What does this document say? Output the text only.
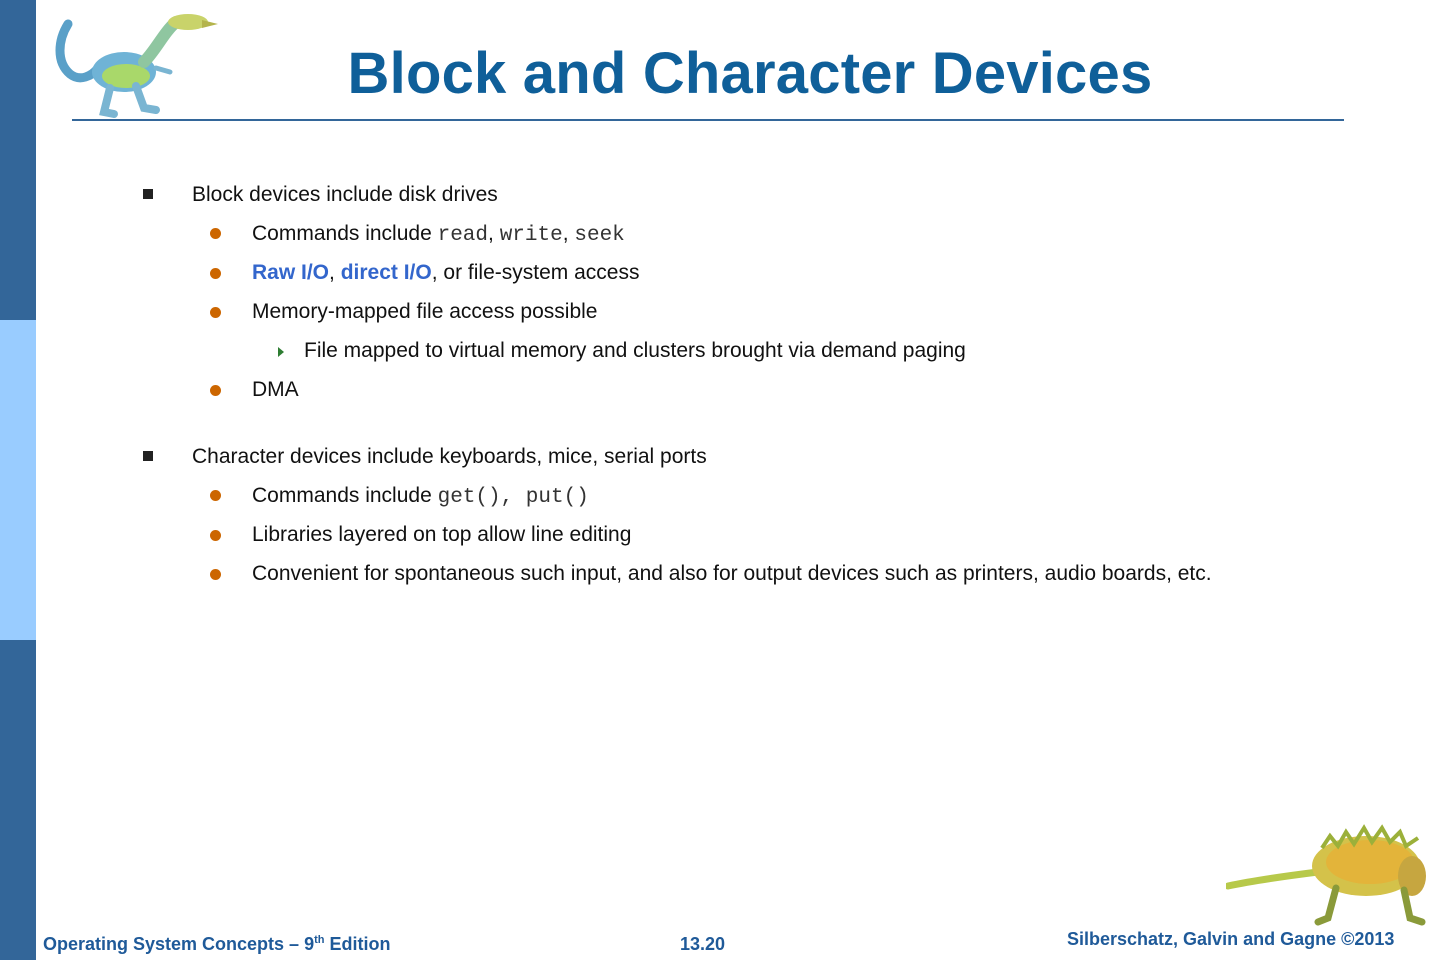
Block and Character Devices
Block devices include disk drives
Commands include read, write, seek
Raw I/O, direct I/O, or file-system access
Memory-mapped file access possible
File mapped to virtual memory and clusters brought via demand paging
DMA
Character devices include keyboards, mice, serial ports
Commands include get(), put()
Libraries layered on top allow line editing
Convenient for spontaneous such input, and also for output devices such as printers, audio boards, etc.
Operating System Concepts – 9th Edition	13.20	Silberschatz, Galvin and Gagne ©2013
